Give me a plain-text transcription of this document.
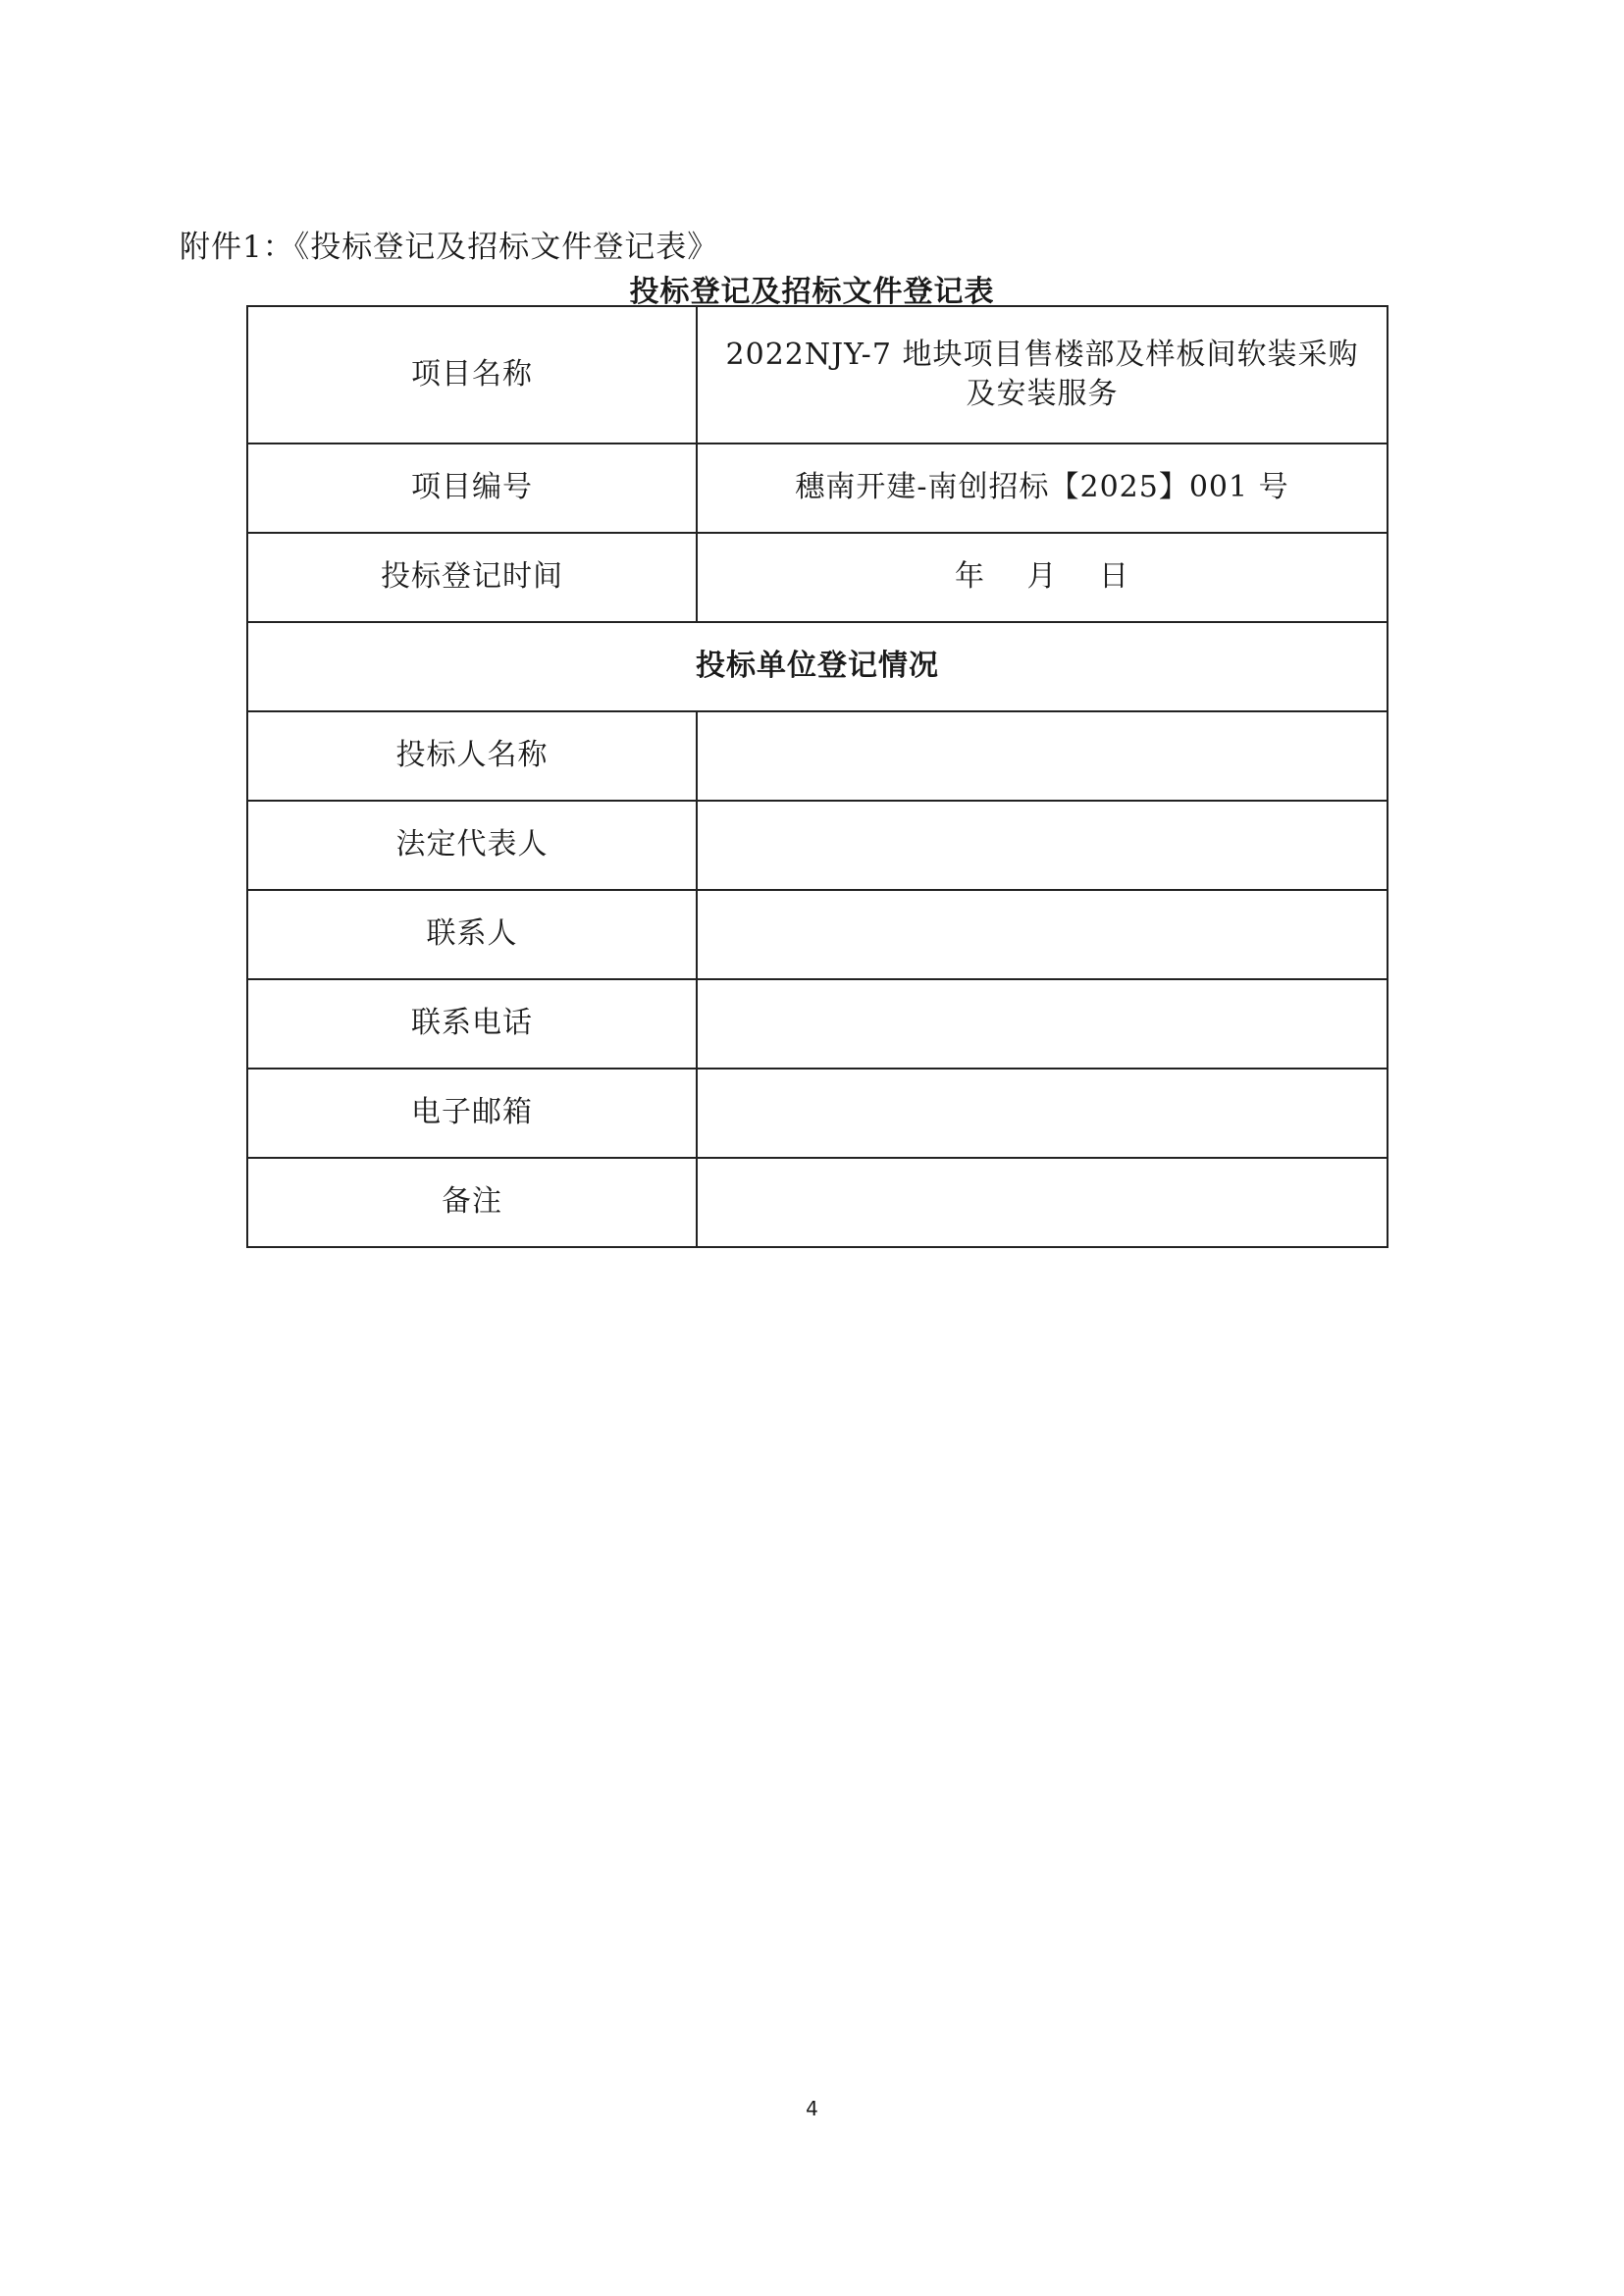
附件1：《投标登记及招标文件登记表》
投标登记及招标文件登记表
项目名称	2022NJY-7 地块项目售楼部及样板间软装采购及安装服务
项目编号	穗南开建-南创招标【2025】001 号
投标登记时间	年 月 日
投标单位登记情况	
投标人名称	
法定代表人	
联系人	
联系电话	
电子邮箱	
备注	
4
